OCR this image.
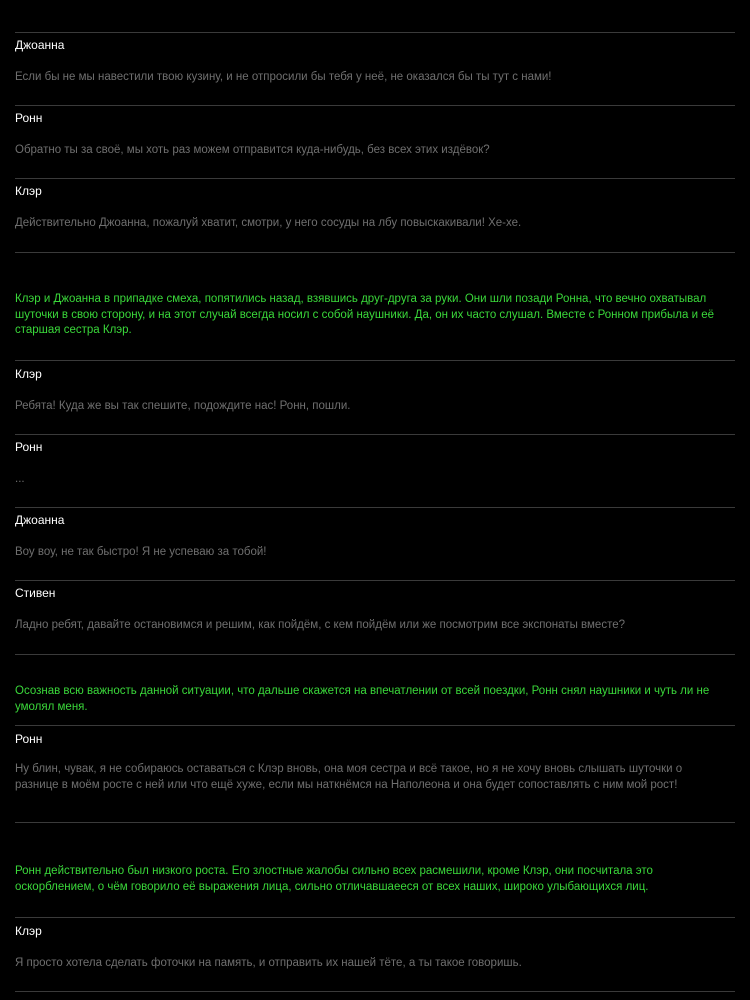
Джоанна
Если бы не мы навестили твою кузину, и не отпросили бы тебя у неё, не оказался бы ты тут с нами!
Ронн
Обратно ты за своё, мы хоть раз можем отправится куда-нибудь, без всех этих издёвок?
Клэр
Действительно Джоанна, пожалуй хватит, смотри, у него сосуды на лбу повыскакивали! Хе-хе.
Клэр и Джоанна в припадке смеха, попятились назад, взявшись друг-друга за руки. Они шли позади Ронна, что вечно охватывал шуточки в свою сторону, и на этот случай всегда носил с собой наушники. Да, он их часто слушал. Вместе с Ронном прибыла и её старшая сестра Клэр.
Клэр
Ребята! Куда же вы так спешите, подождите нас! Ронн, пошли.
Ронн
...
Джоанна
Воу воу, не так быстро! Я не успеваю за тобой!
Стивен
Ладно ребят, давайте остановимся и решим, как пойдём, с кем пойдём или же посмотрим все экспонаты вместе?
Осознав всю важность данной ситуации, что дальше скажется на впечатлении от всей поездки, Ронн снял наушники и чуть ли не умолял меня.
Ронн
Ну блин, чувак, я не собираюсь оставаться с Клэр вновь, она моя сестра и всё такое, но я не хочу вновь слышать шуточки о разнице в моём росте с ней или что ещё хуже, если мы наткнёмся на Наполеона и она будет сопоставлять с ним мой рост!
Ронн действительно был низкого роста. Его злостные жалобы сильно всех расмешили, кроме Клэр, они посчитала это оскорблением, о чём говорило её выражения лица, сильно отличавшаееся от всех наших, широко улыбающихся лиц.
Клэр
Я просто хотела сделать фоточки на память, и отправить их нашей тёте, а ты такое говоришь.
